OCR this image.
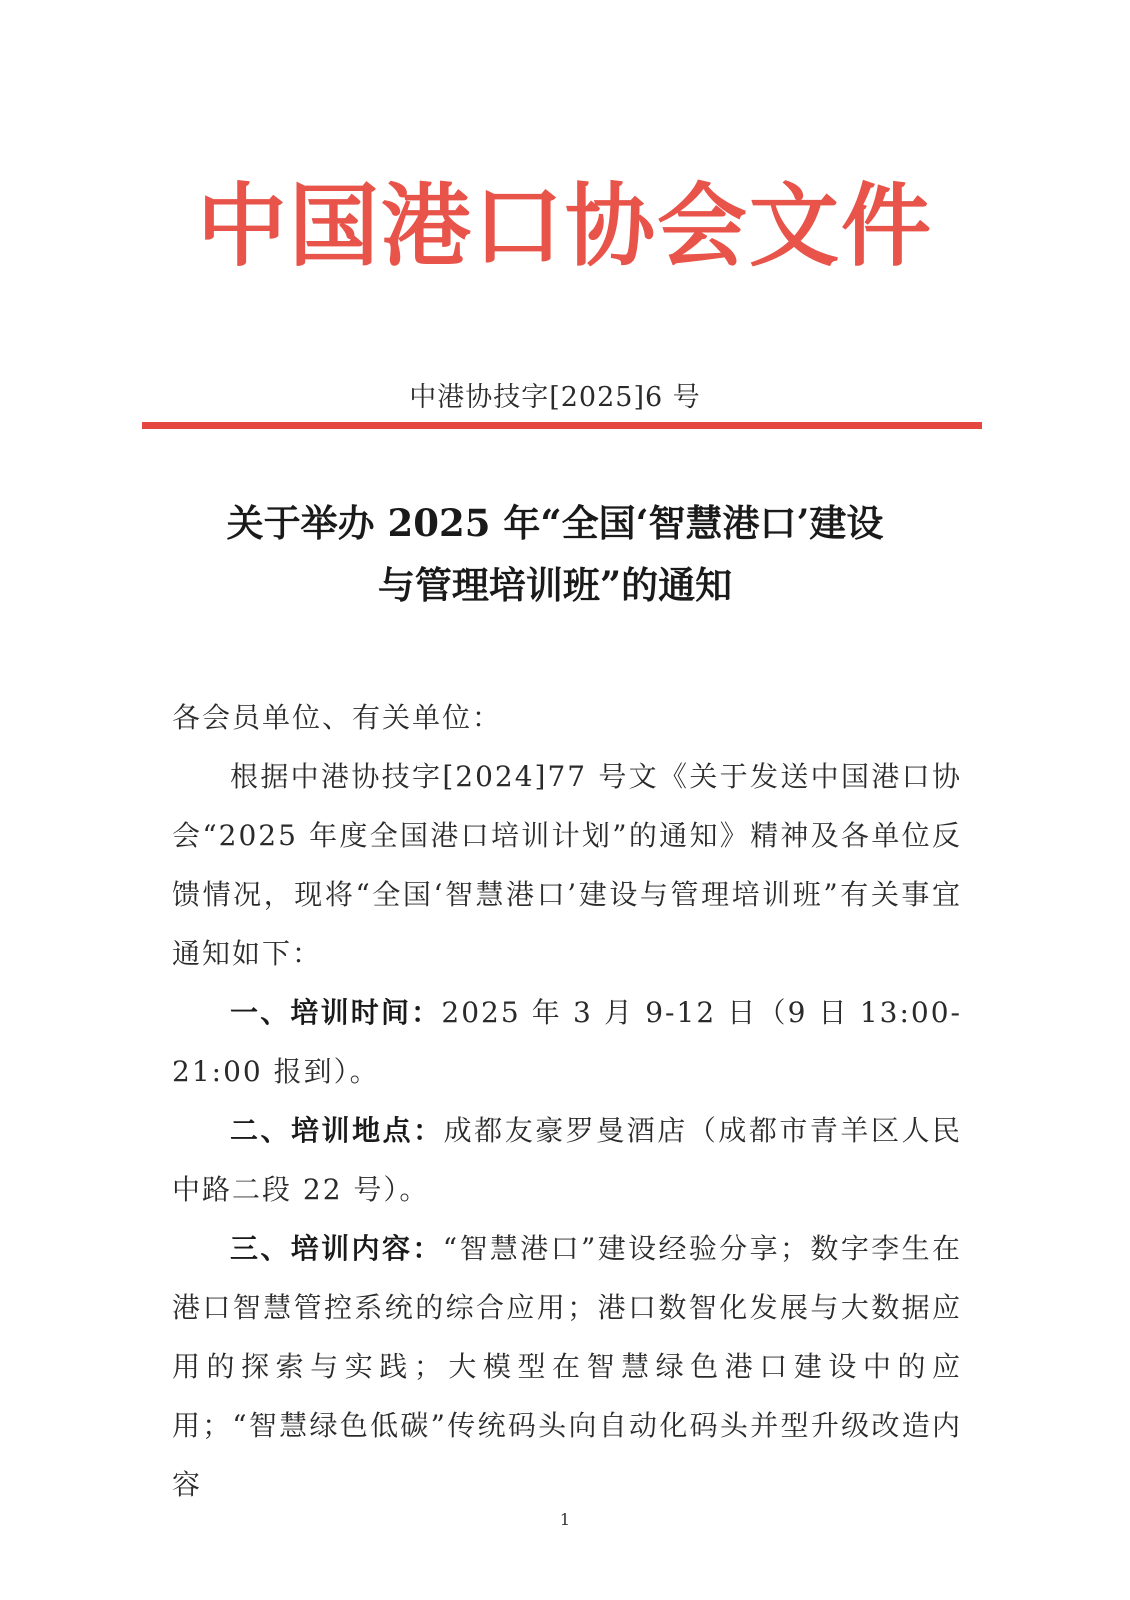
中国港口协会文件
中港协技字[2025]6 号
关于举办 2025 年“全国‘智慧港口’建设
与管理培训班”的通知

各会员单位、有关单位：

根据中港协技字[2024]77 号文《关于发送中国港口协会“2025 年度全国港口培训计划”的通知》精神及各单位反馈情况，现将“全国‘智慧港口’建设与管理培训班”有关事宜通知如下：

一、培训时间：2025 年 3 月 9-12 日（9 日 13:00-21:00 报到）。

二、培训地点：成都友豪罗曼酒店（成都市青羊区人民中路二段 22 号）。

三、培训内容：“智慧港口”建设经验分享；数字李生在港口智慧管控系统的综合应用；港口数智化发展与大数据应用的探索与实践；大模型在智慧绿色港口建设中的应用；“智慧绿色低碳”传统码头向自动化码头并型升级改造内容

1
